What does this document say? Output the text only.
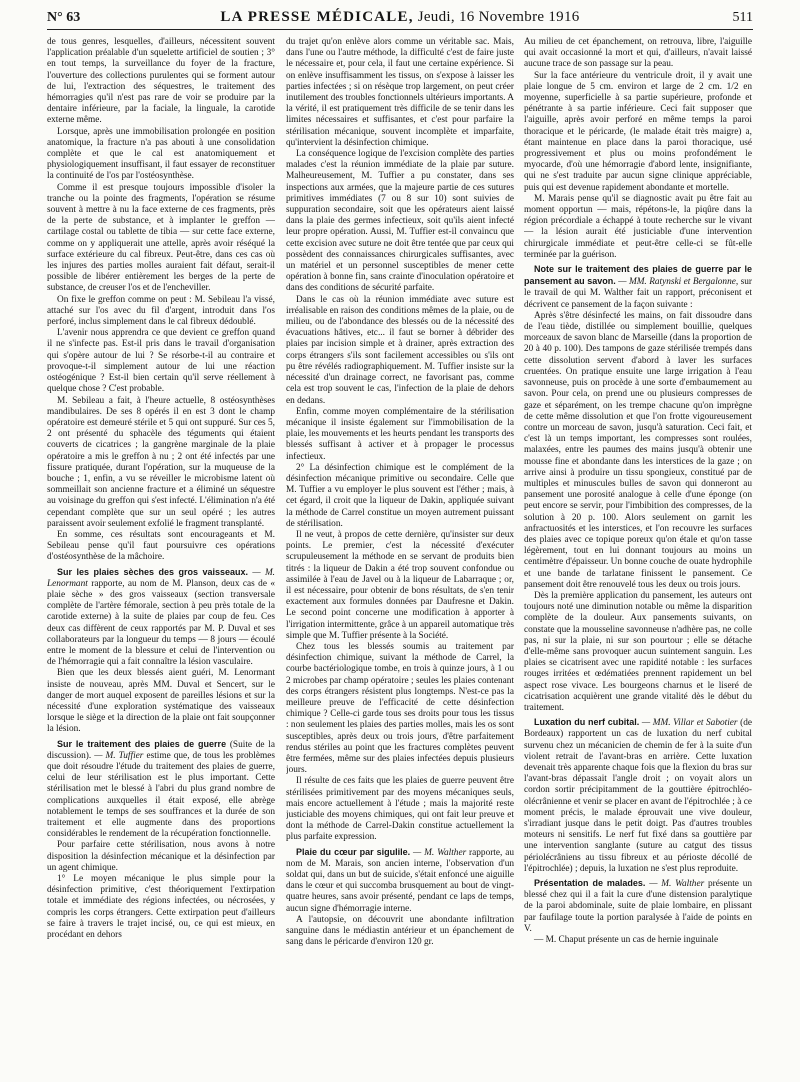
N° 63	LA PRESSE MÉDICALE, Jeudi, 16 Novembre 1916	511

de tous genres, lesquelles, d'ailleurs, nécessitent souvent l'application préalable d'un squelette artificiel de soutien ; 3° en tout temps, la surveillance du foyer de la fracture, l'ouverture des collections purulentes qui se forment autour de lui, l'extraction des séquestres, le traitement des hémorragies qu'il n'est pas rare de voir se produire par la dentaire inférieure, par la faciale, la linguale, la carotide externe même.

Lorsque, après une immobilisation prolongée en position anatomique, la fracture n'a pas abouti à une consolidation complète et que le cal est anatomiquement et physiologiquement insuffisant, il faut essayer de reconstituer la continuité de l'os par l'ostéosynthèse.

Comme il est presque toujours impossible d'isoler la tranche ou la pointe des fragments, l'opération se résume souvent à mettre à nu la face externe de ces fragments, près de la perte de substance, et à implanter le greffon — cartilage costal ou tablette de tibia — sur cette face externe, comme on y appliquerait une attelle, après avoir réséqué la surface extérieure du cal fibreux. Peut-être, dans ces cas où les injures des parties molles auraient fait défaut, serait-il possible de libérer entièrement les berges de la perte de substance, de creuser l'os et de l'encheviller.

On fixe le greffon comme on peut : M. Sebileau l'a vissé, attaché sur l'os avec du fil d'argent, introduit dans l'os perforé, inclus simplement dans le cal fibreux dédoublé.

L'avenir nous apprendra ce que devient ce greffon quand il ne s'infecte pas. Est-il pris dans le travail d'organisation qui s'opère autour de lui ? Se résorbe-t-il au contraire et provoque-t-il simplement autour de lui une réaction ostéogénique ? Est-il bien certain qu'il serve réellement à quelque chose ? C'est probable.

M. Sebileau a fait, à l'heure actuelle, 8 ostéosynthèses mandibulaires. De ses 8 opérés il en est 3 dont le champ opératoire est demeuré stérile et 5 qui ont suppuré. Sur ces 5, 2 ont présenté du sphacèle des téguments qui étaient couverts de cicatrices ; la gangrène marginale de la plaie opératoire a mis le greffon à nu ; 2 ont été infectés par une fissure pratiquée, durant l'opération, sur la muqueuse de la bouche ; 1, enfin, a vu se réveiller le microbisme latent où sommeillait son ancienne fracture et a éliminé un séquestre au voisinage du greffon qui s'est infecté. L'élimination n'a été cependant complète que sur un seul opéré ; les autres paraissent avoir seulement exfolié le fragment transplanté.

En somme, ces résultats sont encourageants et M. Sebileau pense qu'il faut poursuivre ces opérations d'ostéosynthèse de la mâchoire.

Sur les plaies sèches des gros vaisseaux. — M. Lenormant rapporte, au nom de M. Planson, deux cas de « plaie sèche » des gros vaisseaux (section transversale complète de l'artère fémorale, section à peu près totale de la carotide externe) à la suite de plaies par coup de feu. Ces deux cas diffèrent de ceux rapportés par M. P. Duval et ses collaborateurs par la longueur du temps — 8 jours — écoulé entre le moment de la blessure et celui de l'intervention ou de l'hémorragie qui a fait connaître la lésion vasculaire.

Bien que les deux blessés aient guéri, M. Lenormant insiste de nouveau, après MM. Duval et Sencert, sur le danger de mort auquel exposent de pareilles lésions et sur la nécessité d'une exploration systématique des vaisseaux lorsque le siège et la direction de la plaie ont fait soupçonner la lésion.

Sur le traitement des plaies de guerre (Suite de la discussion). — M. Tuffier estime que, de tous les problèmes que doit résoudre l'étude du traitement des plaies de guerre, celui de leur stérilisation est le plus important. Cette stérilisation met le blessé à l'abri du plus grand nombre de complications auxquelles il était exposé, elle abrège notablement le temps de ses souffrances et la durée de son traitement et elle augmente dans des proportions considérables le rendement de la récupération fonctionnelle.

Pour parfaire cette stérilisation, nous avons à notre disposition la désinfection mécanique et la désinfection par un agent chimique.

1° Le moyen mécanique le plus simple pour la désinfection primitive, c'est théoriquement l'extirpation totale et immédiate des régions infectées, ou nécrosées, y compris les corps étrangers. Cette extirpation peut d'ailleurs se faire à travers le trajet incisé, ou, ce qui est mieux, en procédant en dehors

du trajet qu'on enlève alors comme un véritable sac. Mais, dans l'une ou l'autre méthode, la difficulté c'est de faire juste le nécessaire et, pour cela, il faut une certaine expérience. Si on enlève insuffisamment les tissus, on s'expose à laisser les parties infectées ; si on résèque trop largement, on peut créer inutilement des troubles fonctionnels ultérieurs importants. A la vérité, il est pratiquement très difficile de se tenir dans les limites nécessaires et suffisantes, et c'est pour parfaire la stérilisation mécanique, souvent incomplète et imparfaite, qu'intervient la désinfection chimique.

La conséquence logique de l'excision complète des parties malades c'est la réunion immédiate de la plaie par suture. Malheureusement, M. Tuffier a pu constater, dans ses inspections aux armées, que la majeure partie de ces sutures primitives immédiates (7 ou 8 sur 10) sont suivies de suppuration secondaire, soit que les opérateurs aient laissé dans la plaie des germes infectieux, soit qu'ils aient infecté leur propre opération. Aussi, M. Tuffier est-il convaincu que cette excision avec suture ne doit être tentée que par ceux qui possèdent des connaissances chirurgicales suffisantes, avec un matériel et un personnel susceptibles de mener cette opération à bonne fin, sans crainte d'inoculation opératoire et dans des conditions de sécurité parfaite.

Dans le cas où la réunion immédiate avec suture est irréalisable en raison des conditions mêmes de la plaie, ou de milieu, ou de l'abondance des blessés ou de la nécessité des évacuations hâtives, etc... il faut se borner à débrider des plaies par incision simple et à drainer, après extraction des corps étrangers s'ils sont facilement accessibles ou s'ils ont pu être révélés radiographiquement. M. Tuffier insiste sur la nécessité d'un drainage correct, ne favorisant pas, comme cela est trop souvent le cas, l'infection de la plaie de dehors en dedans.

Enfin, comme moyen complémentaire de la stérilisation mécanique il insiste également sur l'immobilisation de la plaie, les mouvements et les heurts pendant les transports des blessés suffisant à activer et à propager le processus infectieux.

2° La désinfection chimique est le complément de la désinfection mécanique primitive ou secondaire. Celle que M. Tuffier a vu employer le plus souvent est l'éther ; mais, à cet égard, il croit que la liqueur de Dakin, appliquée suivant la méthode de Carrel constitue un moyen autrement puissant de stérilisation.

Il ne veut, à propos de cette dernière, qu'insister sur deux points. Le premier, c'est la nécessité d'exécuter scrupuleusement la méthode en se servant de produits bien titrés : la liqueur de Dakin a été trop souvent confondue ou assimilée à l'eau de Javel ou à la liqueur de Labarraque ; or, il est nécessaire, pour obtenir de bons résultats, de s'en tenir exactement aux formules données par Daufresne et Dakin. Le second point concerne une modification à apporter à l'irrigation intermittente, grâce à un appareil automatique très simple que M. Tuffier présente à la Société.

Chez tous les blessés soumis au traitement par désinfection chimique, suivant la méthode de Carrel, la courbe bactériologique tombe, en trois à quinze jours, à 1 ou 2 microbes par champ opératoire ; seules les plaies contenant des corps étrangers résistent plus longtemps. N'est-ce pas la meilleure preuve de l'efficacité de cette désinfection chimique ? Celle-ci garde tous ses droits pour tous les tissus : non seulement les plaies des parties molles, mais les os sont susceptibles, après deux ou trois jours, d'être parfaitement rendus stériles au point que les fractures complètes peuvent être fermées, même sur des plaies infectées depuis plusieurs jours.

Il résulte de ces faits que les plaies de guerre peuvent être stérilisées primitivement par des moyens mécaniques seuls, mais encore actuellement à l'étude ; mais la majorité reste justiciable des moyens chimiques, qui ont fait leur preuve et dont la méthode de Carrel-Dakin constitue actuellement la plus parfaite expression.

Plaie du cœur par sigulile. — M. Walther rapporte, au nom de M. Marais, son ancien interne, l'observation d'un soldat qui, dans un but de suicide, s'était enfoncé une aiguille dans le cœur et qui succomba brusquement au bout de vingt-quatre heures, sans avoir présenté, pendant ce laps de temps, aucun signe d'hémorragie interne.

A l'autopsie, on découvrit une abondante infiltration sanguine dans le médiastin antérieur et un épanchement de sang dans le péricarde d'environ 120 gr.

Au milieu de cet épanchement, on retrouva, libre, l'aiguille qui avait occasionné la mort et qui, d'ailleurs, n'avait laissé aucune trace de son passage sur la peau.

Sur la face antérieure du ventricule droit, il y avait une plaie longue de 5 cm. environ et large de 2 cm. 1/2 en moyenne, superficielle à sa partie supérieure, profonde et pénétrante à sa partie inférieure. Ceci fait supposer que l'aiguille, après avoir perforé en même temps la paroi thoracique et le péricarde, (le malade était très maigre) a, étant maintenue en place dans la paroi thoracique, usé progressivement et plus ou moins profondément le myocarde, d'où une hémorragie d'abord lente, insignifiante, qui ne s'est traduite par aucun signe clinique appréciable, puis qui est devenue rapidement abondante et mortelle.

M. Marais pense qu'il se diagnostic avait pu être fait au moment opportun — mais, répétons-le, la piqûre dans la région précordiale a échappé à toute recherche sur le vivant — la lésion aurait été justiciable d'une intervention chirurgicale immédiate et peut-être celle-ci se fût-elle terminée par la guérison.

Note sur le traitement des plaies de guerre par le pansement au savon. — MM. Ratynski et Bergalonne, sur le travail de qui M. Walther fait un rapport, préconisent et décrivent ce pansement de la façon suivante :

Après s'être désinfecté les mains, on fait dissoudre dans de l'eau tiède, distillée ou simplement bouillie, quelques morceaux de savon blanc de Marseille (dans la proportion de 20 à 40 p. 100). Des tampons de gaze stérilisée trempés dans cette dissolution servent d'abord à laver les surfaces cruentées. On pratique ensuite une large irrigation à l'eau savonneuse, puis on procède à une sorte d'embaumement au savon. Pour cela, on prend une ou plusieurs compresses de gaze et séparément, on les trempe chacune qu'on imprègne de cette même dissolution et que l'on frotte vigoureusement contre un morceau de savon, jusqu'à saturation. Ceci fait, et c'est là un temps important, les compresses sont roulées, malaxées, entre les paumes des mains jusqu'à obtenir une mousse fine et abondante dans les interstices de la gaze ; on arrive ainsi à produire un tissu spongieux, constitué par de multiples et minuscules bulles de savon qui donneront au pansement une porosité analogue à celle d'une éponge (on peut encore se servir, pour l'imbibition des compresses, de la solution à 20 p. 100. Alors seulement on garnit les anfractuosités et les interstices, et l'on recouvre les surfaces des plaies avec ce topique poreux qu'on étale et qu'on tasse légèrement, tout en lui donnant toujours au moins un centimètre d'épaisseur. Un bonne couche de ouate hydrophile et une bande de tarlatane finissent le pansement. Ce pansement doit être renouvelé tous les deux ou trois jours.

Dès la première application du pansement, les auteurs ont toujours noté une diminution notable ou même la disparition complète de la douleur. Aux pansements suivants, on constate que la mousseline savonneuse n'adhère pas, ne colle pas, ni sur la plaie, ni sur son pourtour ; elle se détache d'elle-même sans provoquer aucun suintement sanguin. Les plaies se cicatrisent avec une rapidité notable : les surfaces rouges irritées et œdématiées prennent rapidement un bel aspect rose vivace. Les bourgeons charnus et le liseré de cicatrisation acquièrent une grande vitalité dès le début du traitement.

Luxation du nerf cubital. — MM. Villar et Sabotier (de Bordeaux) rapportent un cas de luxation du nerf cubital survenu chez un mécanicien de chemin de fer à la suite d'un violent retrait de l'avant-bras en arrière. Cette luxation devenait très apparente chaque fois que la flexion du bras sur l'avant-bras dépassait l'angle droit ; on voyait alors un cordon sortir précipitamment de la gouttière épitrochléo-olécrânienne et venir se placer en avant de l'épitrochlée ; à ce moment précis, le malade éprouvait une vive douleur, s'irradiant jusque dans le petit doigt. Pas d'autres troubles moteurs ni sensitifs. Le nerf fut fixé dans sa gouttière par une intervention sanglante (suture au catgut des tissus périolécrâniens au tissu fibreux et au périoste décollé de l'épitrochlée) ; depuis, la luxation ne s'est plus reproduite.

Présentation de malades. — M. Walther présente un blessé chez qui il a fait la cure d'une distension paralytique de la paroi abdominale, suite de plaie lombaire, en plissant par faufilage toute la portion paralysée à l'aide de points en V.

— M. Chaput présente un cas de hernie inguinale
